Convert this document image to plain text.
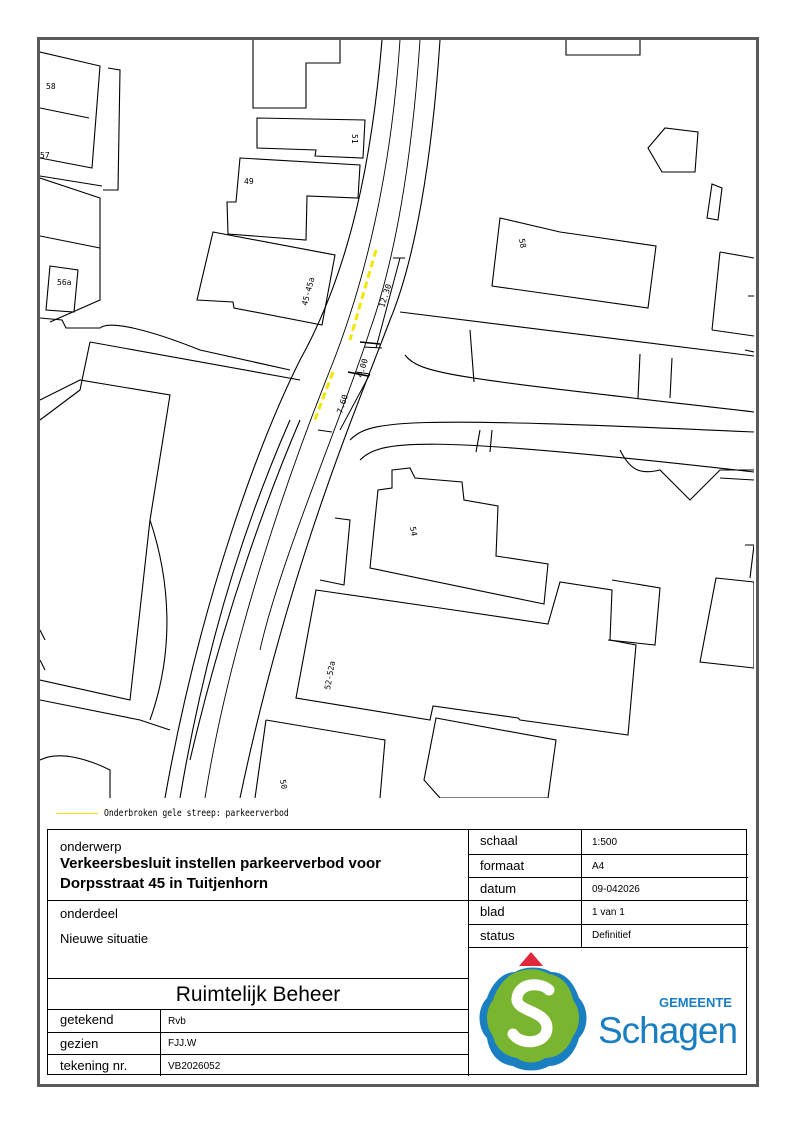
58
49
51
56a	45-45a
58
54
52-52a
50
57
12.30
4.00
7.60
Onderbroken gele streep: parkeerverbod
onderwerp
Verkeersbesluit instellen parkeerverbod voor
Dorpsstraat 45 in Tuitjenhorn
onderdeel
Nieuwe situatie
Ruimtelijk Beheer
getekend	Rvb
gezien	FJJ.W
tekening nr.	VB2026052
schaal	1:500
formaat	A4
datum	09-042026
blad	1 van 1
status	Definitief
GEMEENTE
Schagen
